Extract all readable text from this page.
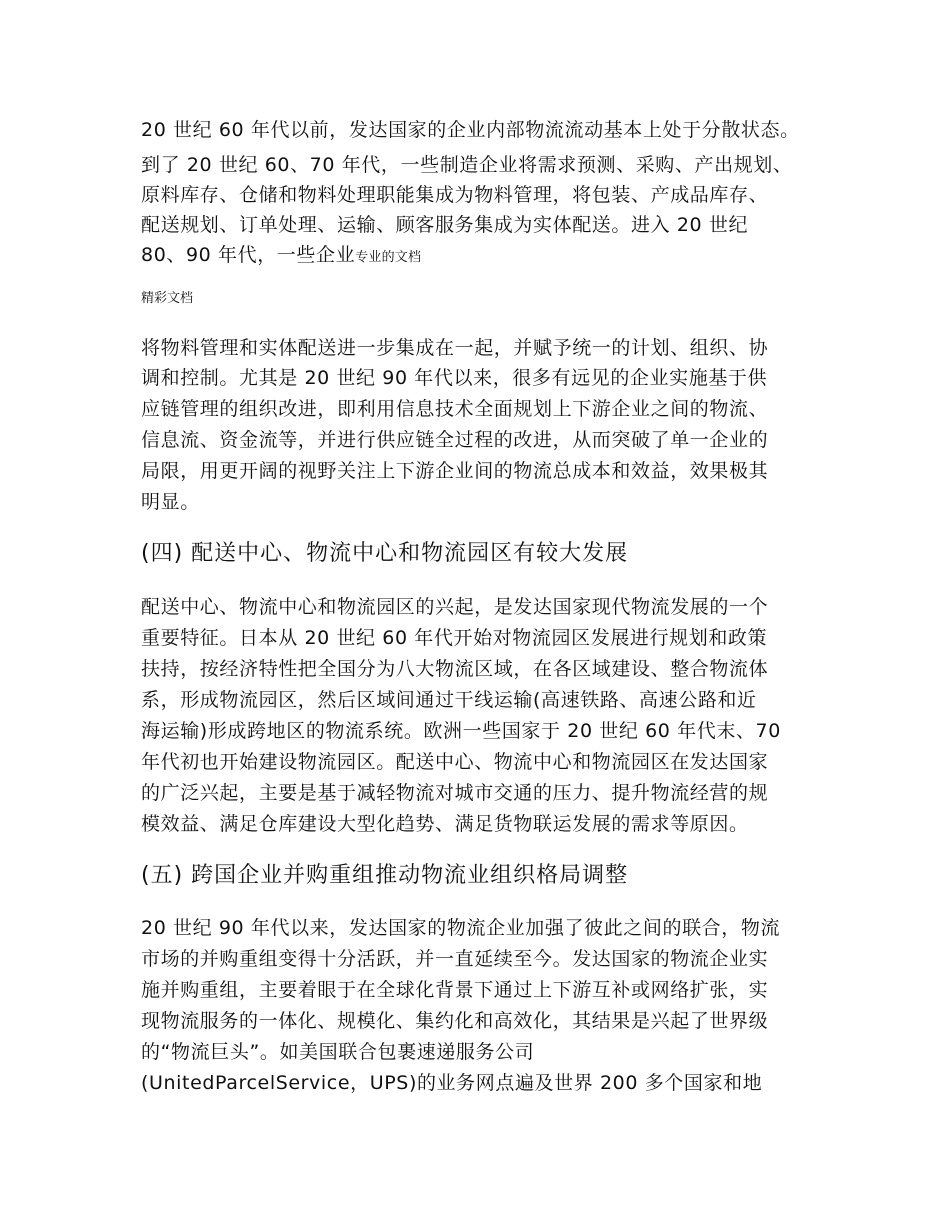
20 世纪 60 年代以前，发达国家的企业内部物流流动基本上处于分散状态。
到了 20 世纪 60、70 年代，一些制造企业将需求预测、采购、产出规划、
原料库存、仓储和物料处理职能集成为物料管理，将包装、产成品库存、
配送规划、订单处理、运输、顾客服务集成为实体配送。进入 20 世纪
80、90 年代，一些企业专业的文档
精彩文档
将物料管理和实体配送进一步集成在一起，并赋予统一的计划、组织、协
调和控制。尤其是 20 世纪 90 年代以来，很多有远见的企业实施基于供
应链管理的组织改进，即利用信息技术全面规划上下游企业之间的物流、
信息流、资金流等，并进行供应链全过程的改进，从而突破了单一企业的
局限，用更开阔的视野关注上下游企业间的物流总成本和效益，效果极其
明显。
(四) 配送中心、物流中心和物流园区有较大发展
配送中心、物流中心和物流园区的兴起，是发达国家现代物流发展的一个
重要特征。日本从 20 世纪 60 年代开始对物流园区发展进行规划和政策
扶持，按经济特性把全国分为八大物流区域，在各区域建设、整合物流体
系，形成物流园区，然后区域间通过干线运输(高速铁路、高速公路和近
海运输)形成跨地区的物流系统。欧洲一些国家于 20 世纪 60 年代末、70
年代初也开始建设物流园区。配送中心、物流中心和物流园区在发达国家
的广泛兴起，主要是基于减轻物流对城市交通的压力、提升物流经营的规
模效益、满足仓库建设大型化趋势、满足货物联运发展的需求等原因。
(五) 跨国企业并购重组推动物流业组织格局调整
20 世纪 90 年代以来，发达国家的物流企业加强了彼此之间的联合，物流
市场的并购重组变得十分活跃，并一直延续至今。发达国家的物流企业实
施并购重组，主要着眼于在全球化背景下通过上下游互补或网络扩张，实
现物流服务的一体化、规模化、集约化和高效化，其结果是兴起了世界级
的“物流巨头”。如美国联合包裹速递服务公司
(UnitedParcelService，UPS)的业务网点遍及世界 200 多个国家和地
